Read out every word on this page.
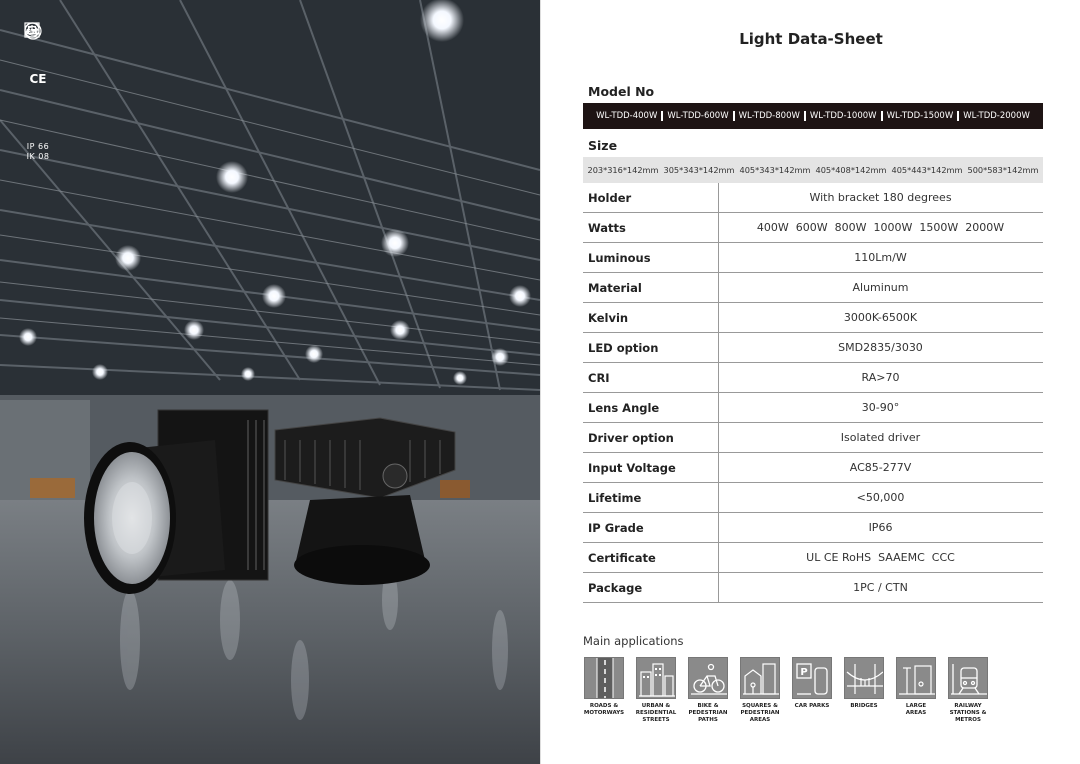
CE
ETL
IP 66
IK 08
Light Data-Sheet
Model No
WL-TDD-400W WL-TDD-600W WL-TDD-800W WL-TDD-1000W WL-TDD-1500W WL-TDD-2000W
Size
203*316*142mm 305*343*142mm 405*343*142mm 405*408*142mm 405*443*142mm 500*583*142mm
Holder	With bracket 180 degrees
Watts	400W  600W  800W  1000W  1500W  2000W
Luminous	110Lm/W
Material	Aluminum
Kelvin	3000K-6500K
LED option	SMD2835/3030
CRI	RA>70
Lens Angle	30-90°
Driver option	Isolated driver
Input Voltage	AC85-277V
Lifetime	<50,000
IP Grade	IP66
Certificate	UL CE RoHS  SAAEMC  CCC
Package	1PC / CTN
Main applications
ROADS &
MOTORWAYS
URBAN &
RESIDENTIAL
STREETS
BIKE &
PEDESTRIAN
PATHS
SQUARES &
PEDESTRIAN
AREAS
P
CAR PARKS	BRIDGES	LARGE
AREAS
RAILWAY
STATIONS &
METROS
